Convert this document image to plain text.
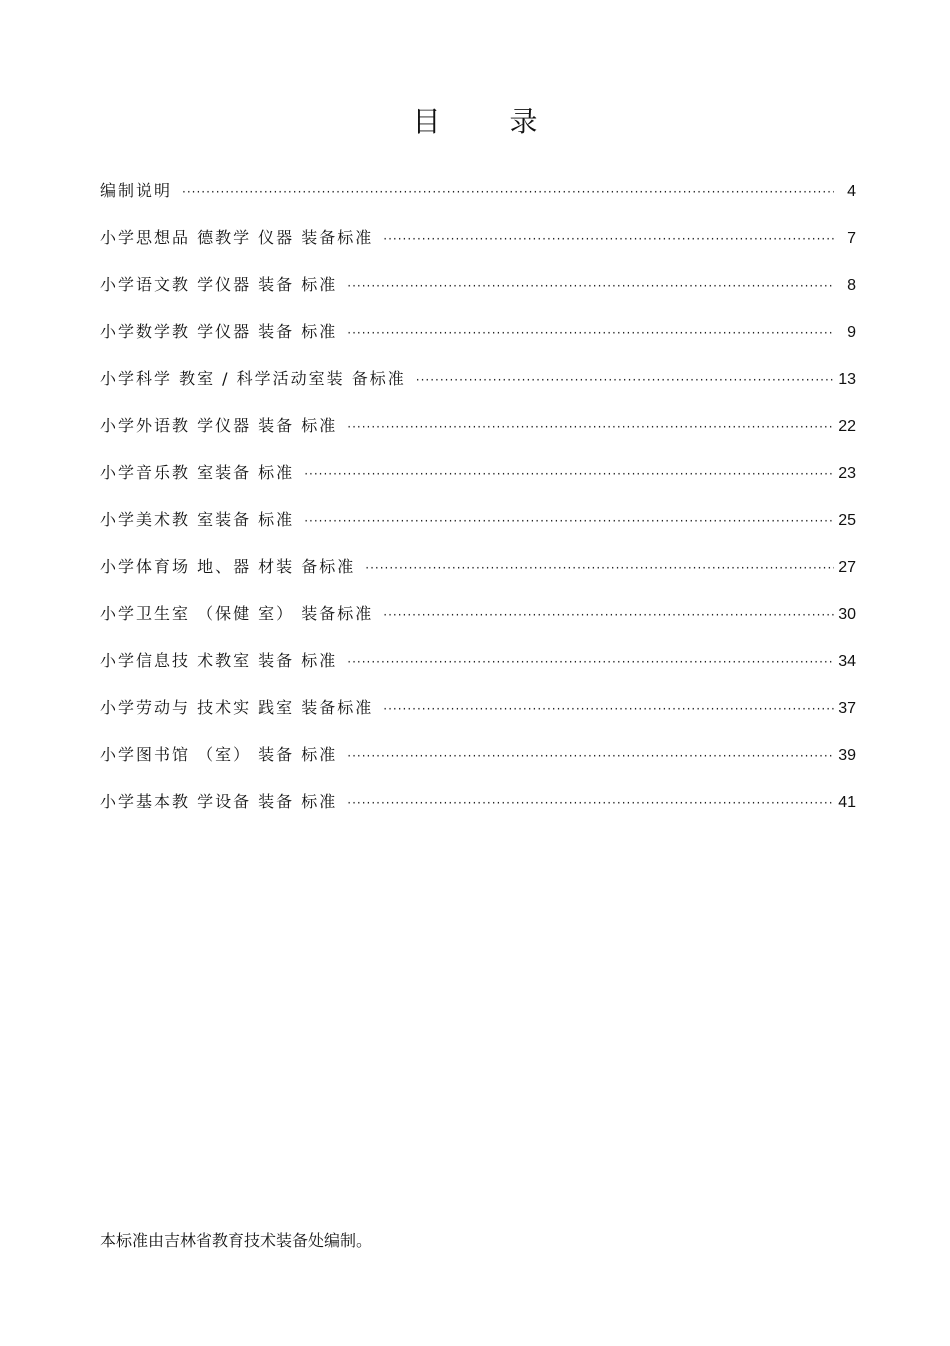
目 录
编制说明 ·····	4
小学思想品 德教学 仪器 装备标准 ·····	7
小学语文教 学仪器 装备 标准 ·····	8
小学数学教 学仪器 装备 标准 ·····	9
小学科学 教室 / 科学活动室装 备标准 ·····	13
小学外语教 学仪器 装备 标准 ·····	22
小学音乐教 室装备 标准 ·····	23
小学美术教 室装备 标准 ·····	25
小学体育场 地、器 材装 备标准 ·····	27
小学卫生室 （保健 室） 装备标准 ·····	30
小学信息技 术教室 装备 标准 ·····	34
小学劳动与 技术实 践室 装备标准 ·····	37
小学图书馆 （室） 装备 标准 ·····	39
小学基本教 学设备 装备 标准 ·····	41

本标准由吉林省教育技术装备处编制。
